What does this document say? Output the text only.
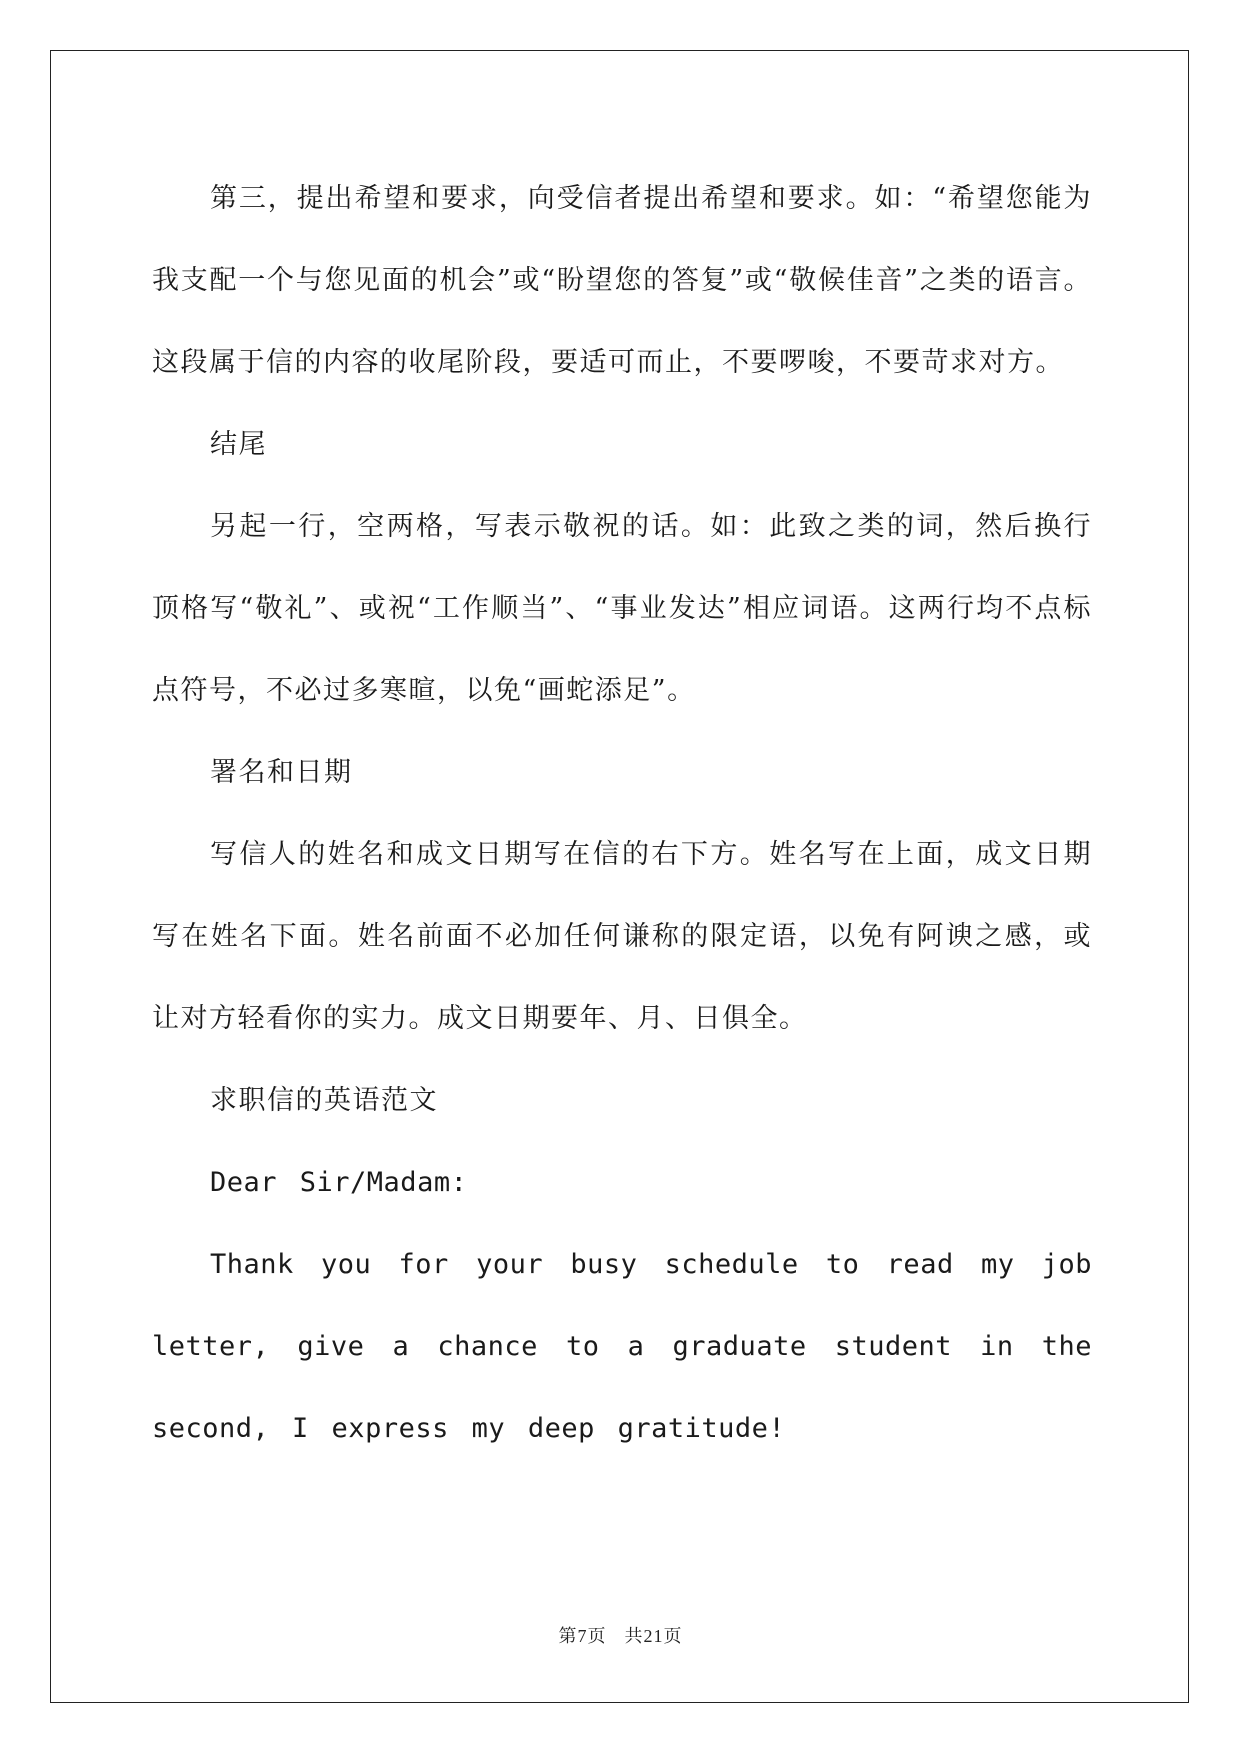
第三，提出希望和要求，向受信者提出希望和要求。如：“希望您能为我支配一个与您见面的机会”或“盼望您的答复”或“敬候佳音”之类的语言。这段属于信的内容的收尾阶段，要适可而止，不要啰唆，不要苛求对方。

结尾

另起一行，空两格，写表示敬祝的话。如：此致之类的词，然后换行顶格写“敬礼”、或祝“工作顺当”、“事业发达”相应词语。这两行均不点标点符号，不必过多寒暄，以免“画蛇添足”。

署名和日期

写信人的姓名和成文日期写在信的右下方。姓名写在上面，成文日期写在姓名下面。姓名前面不必加任何谦称的限定语，以免有阿谀之感，或让对方轻看你的实力。成文日期要年、月、日俱全。

求职信的英语范文

Dear Sir/Madam:

Thank you for your busy schedule to read my job letter, give a chance to a graduate student in the second, I express my deep gratitude!

第7页 共21页
